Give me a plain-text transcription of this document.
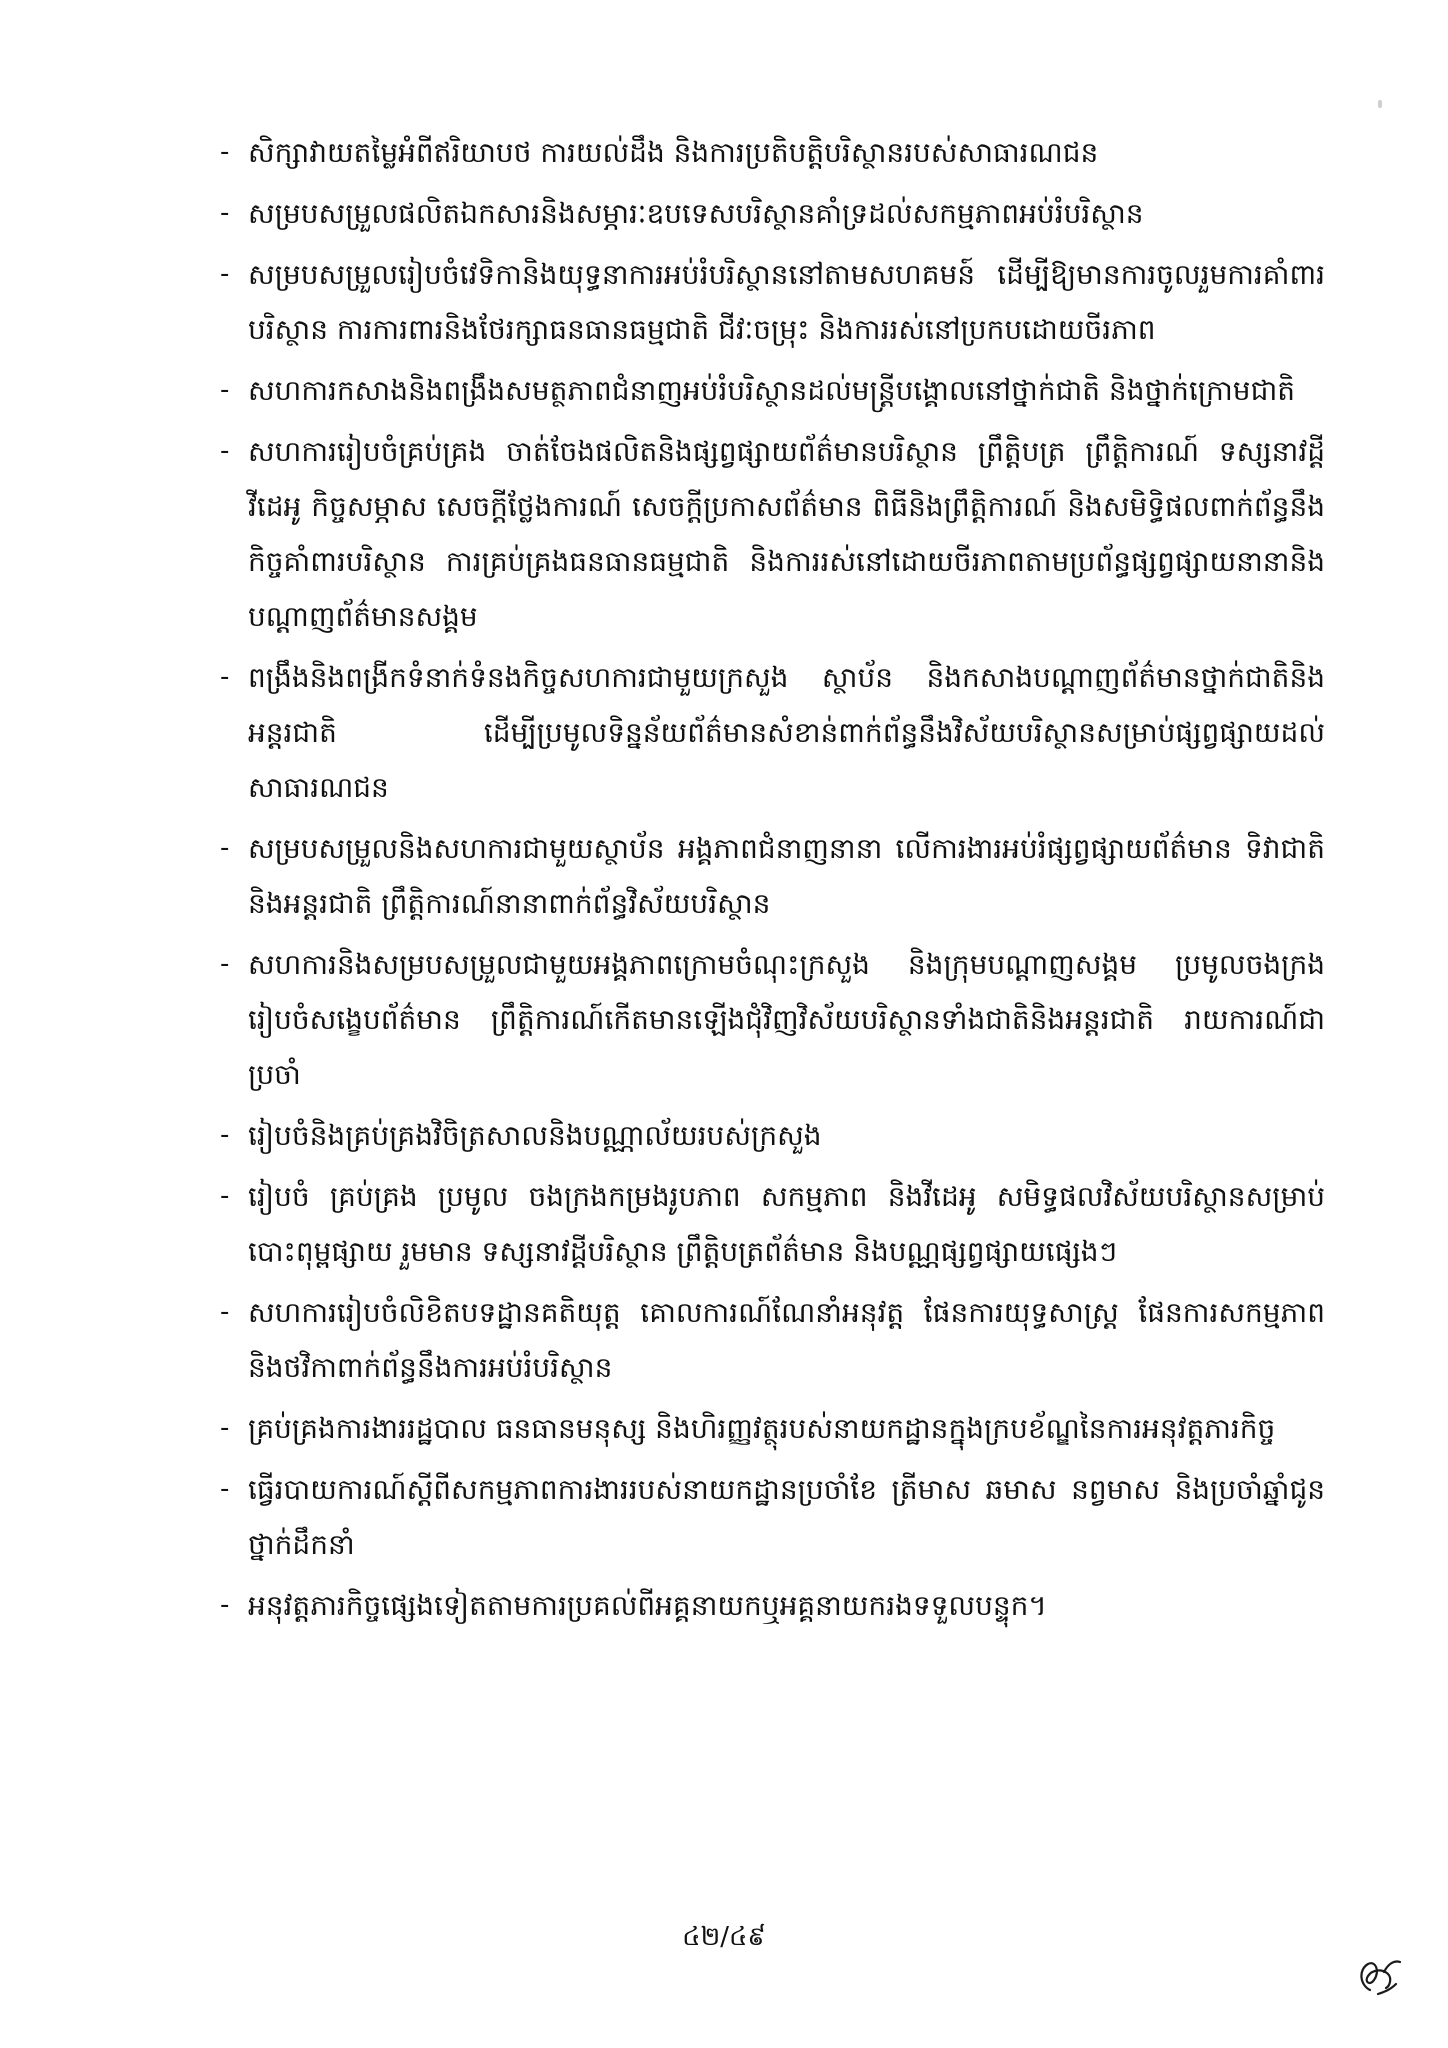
- សិក្សាវាយតម្លៃអំពីឥរិយាបថ ការយល់ដឹង និងការប្រតិបត្តិបរិស្ថានរបស់សាធារណជន
- សម្របសម្រួលផលិតឯកសារនិងសម្ភារៈឧបទេសបរិស្ថានគាំទ្រដល់សកម្មភាពអប់រំបរិស្ថាន
- សម្របសម្រួលរៀបចំវេទិកានិងយុទ្ធនាការអប់រំបរិស្ថាននៅតាមសហគមន៍ ដើម្បីឱ្យមានការចូលរួមការគាំពារបរិស្ថាន ការការពារនិងថែរក្សាធនធានធម្មជាតិ ជីវៈចម្រុះ និងការរស់នៅប្រកបដោយចីរភាព
- សហការកសាងនិងពង្រឹងសមត្ថភាពជំនាញអប់រំបរិស្ថានដល់មន្ត្រីបង្គោលនៅថ្នាក់ជាតិ និងថ្នាក់ក្រោមជាតិ
- សហការរៀបចំគ្រប់គ្រង ចាត់ចែងផលិតនិងផ្សព្វផ្សាយព័ត៌មានបរិស្ថាន ព្រឹត្តិបត្រ ព្រឹត្តិការណ៍ ទស្សនាវដ្ដី វីដេអូ កិច្ចសម្ភាស សេចក្ដីថ្លែងការណ៍ សេចក្ដីប្រកាសព័ត៌មាន ពិធីនិងព្រឹត្តិការណ៍ និងសមិទ្ធិផលពាក់ព័ន្ធនឹងកិច្ចគាំពារបរិស្ថាន ការគ្រប់គ្រងធនធានធម្មជាតិ និងការរស់នៅដោយចីរភាពតាមប្រព័ន្ធផ្សព្វផ្សាយនានានិងបណ្ដាញព័ត៌មានសង្គម
- ពង្រឹងនិងពង្រីកទំនាក់ទំនងកិច្ចសហការជាមួយក្រសួង ស្ថាប័ន និងកសាងបណ្ដាញព័ត៌មានថ្នាក់ជាតិនិងអន្តរជាតិ ដើម្បីប្រមូលទិន្នន័យព័ត៌មានសំខាន់ពាក់ព័ន្ធនឹងវិស័យបរិស្ថានសម្រាប់ផ្សព្វផ្សាយដល់សាធារណជន
- សម្របសម្រួលនិងសហការជាមួយស្ថាប័ន អង្គភាពជំនាញនានា លើការងារអប់រំផ្សព្វផ្សាយព័ត៌មាន ទិវាជាតិនិងអន្តរជាតិ ព្រឹត្តិការណ៍នានាពាក់ព័ន្ធវិស័យបរិស្ថាន
- សហការនិងសម្របសម្រួលជាមួយអង្គភាពក្រោមចំណុះក្រសួង និងក្រុមបណ្ដាញសង្គម ប្រមូលចងក្រង រៀបចំសង្ខេបព័ត៌មាន ព្រឹត្តិការណ៍កើតមានឡើងជុំវិញវិស័យបរិស្ថានទាំងជាតិនិងអន្តរជាតិ រាយការណ៍ជាប្រចាំ
- រៀបចំនិងគ្រប់គ្រងវិចិត្រសាលនិងបណ្ណាល័យរបស់ក្រសួង
- រៀបចំ គ្រប់គ្រង ប្រមូល ចងក្រងកម្រងរូបភាព សកម្មភាព និងវីដេអូ សមិទ្ធផលវិស័យបរិស្ថានសម្រាប់បោះពុម្ពផ្សាយ រួមមាន ទស្សនាវដ្ដីបរិស្ថាន ព្រឹត្តិបត្រព័ត៌មាន និងបណ្ណផ្សព្វផ្សាយផ្សេងៗ
- សហការរៀបចំលិខិតបទដ្ឋានគតិយុត្ត គោលការណ៍ណែនាំអនុវត្ត ផែនការយុទ្ធសាស្ត្រ ផែនការសកម្មភាពនិងថវិកាពាក់ព័ន្ធនឹងការអប់រំបរិស្ថាន
- គ្រប់គ្រងការងាររដ្ឋបាល ធនធានមនុស្ស និងហិរញ្ញវត្ថុរបស់នាយកដ្ឋានក្នុងក្របខ័ណ្ឌនៃការអនុវត្តភារកិច្ច
- ធ្វើរបាយការណ៍ស្ដីពីសកម្មភាពការងាររបស់នាយកដ្ឋានប្រចាំខែ ត្រីមាស ឆមាស នព្វមាស និងប្រចាំឆ្នាំជូនថ្នាក់ដឹកនាំ
- អនុវត្តភារកិច្ចផ្សេងទៀតតាមការប្រគល់ពីអគ្គនាយកឬអគ្គនាយករងទទួលបន្ទុក។
៤២/៤៩
